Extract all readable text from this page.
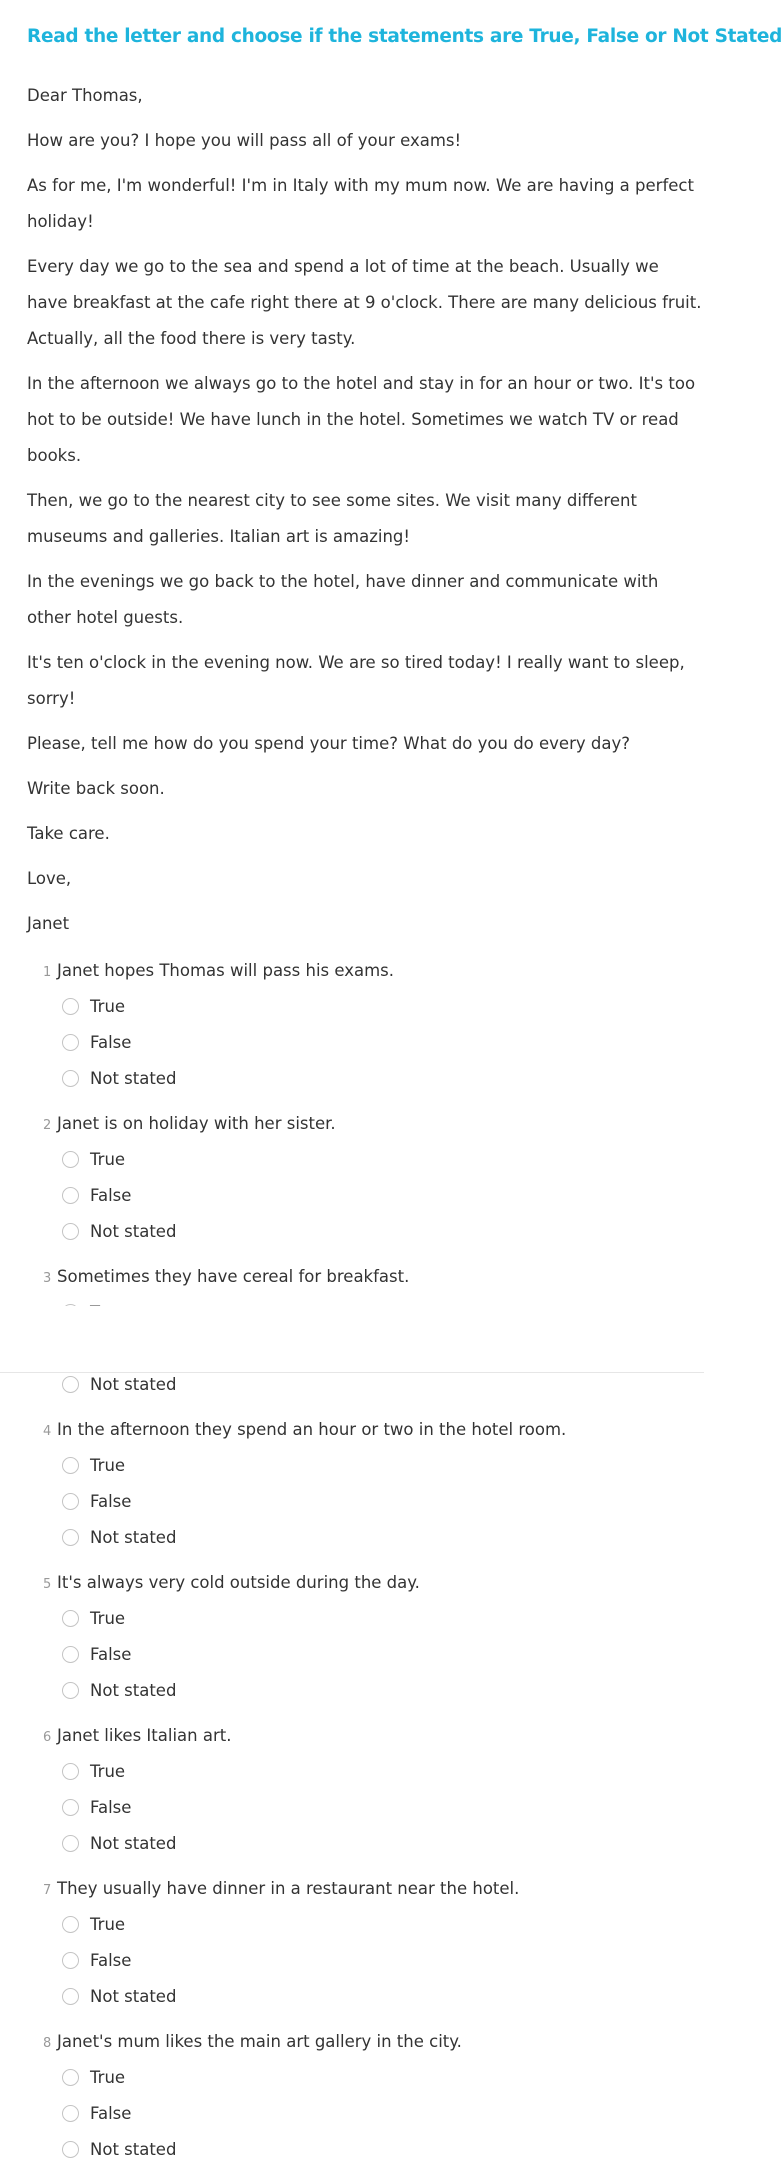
Read the letter and choose if the statements are True, False or Not Stated

Dear Thomas,

How are you? I hope you will pass all of your exams!

As for me, I'm wonderful! I'm in Italy with my mum now. We are having a perfect holiday!

Every day we go to the sea and spend a lot of time at the beach. Usually we have breakfast at the cafe right there at 9 o'clock. There are many delicious fruit. Actually, all the food there is very tasty.

In the afternoon we always go to the hotel and stay in for an hour or two. It's too hot to be outside! We have lunch in the hotel. Sometimes we watch TV or read books.

Then, we go to the nearest city to see some sites. We visit many different museums and galleries. Italian art is amazing!

In the evenings we go back to the hotel, have dinner and communicate with other hotel guests.

It's ten o'clock in the evening now. We are so tired today! I really want to sleep, sorry!

Please, tell me how do you spend your time? What do you do every day?

Write back soon.

Take care.

Love,

Janet

1 Janet hopes Thomas will pass his exams.
True
False
Not stated
2 Janet is on holiday with her sister.
True
False
Not stated
3 Sometimes they have cereal for breakfast.
Not stated
4 In the afternoon they spend an hour or two in the hotel room.
True
False
Not stated
5 It's always very cold outside during the day.
True
False
Not stated
6 Janet likes Italian art.
True
False
Not stated
7 They usually have dinner in a restaurant near the hotel.
True
False
Not stated
8 Janet's mum likes the main art gallery in the city.
True
False
Not stated
